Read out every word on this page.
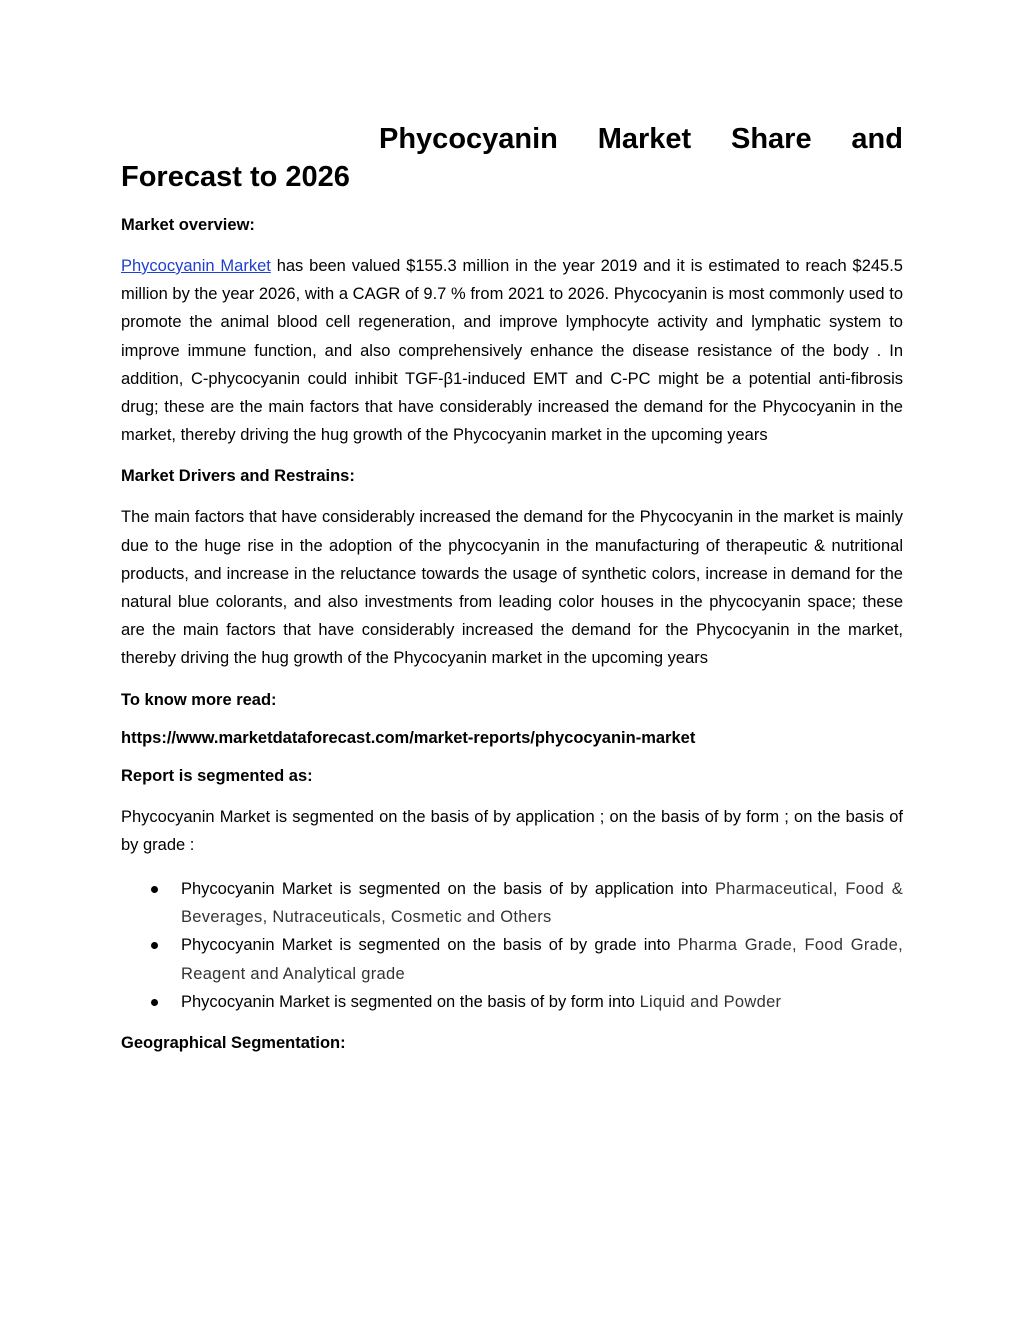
Phycocyanin Market Share and
Forecast to 2026
Market overview:

Phycocyanin Market has been valued $155.3 million in the year 2019 and it is estimated to reach $245.5 million by the year 2026, with a CAGR of 9.7 % from 2021 to 2026. Phycocyanin is most commonly used to promote the animal blood cell regeneration, and improve lymphocyte activity and lymphatic system to improve immune function, and also comprehensively enhance the disease resistance of the body . In addition, C-phycocyanin could inhibit TGF-β1-induced EMT and C-PC might be a potential anti-fibrosis drug; these are the main factors that have considerably increased the demand for the Phycocyanin in the market, thereby driving the hug growth of the Phycocyanin market in the upcoming years

Market Drivers and Restrains:

The main factors that have considerably increased the demand for the Phycocyanin in the market is mainly due to the huge rise in the adoption of the phycocyanin in the manufacturing of therapeutic & nutritional products, and increase in the reluctance towards the usage of synthetic colors, increase in demand for the natural blue colorants, and also investments from leading color houses in the phycocyanin space; these are the main factors that have considerably increased the demand for the Phycocyanin in the market, thereby driving the hug growth of the Phycocyanin market in the upcoming years

To know more read:
https://www.marketdataforecast.com/market-reports/phycocyanin-market
Report is segmented as:

Phycocyanin Market is segmented on the basis of by application ; on the basis of by form ; on the basis of by grade :

Phycocyanin Market is segmented on the basis of by application into Pharmaceutical, Food & Beverages, Nutraceuticals, Cosmetic and Others
Phycocyanin Market is segmented on the basis of by grade into Pharma Grade, Food Grade, Reagent and Analytical grade
Phycocyanin Market is segmented on the basis of by form into Liquid and Powder
Geographical Segmentation:
